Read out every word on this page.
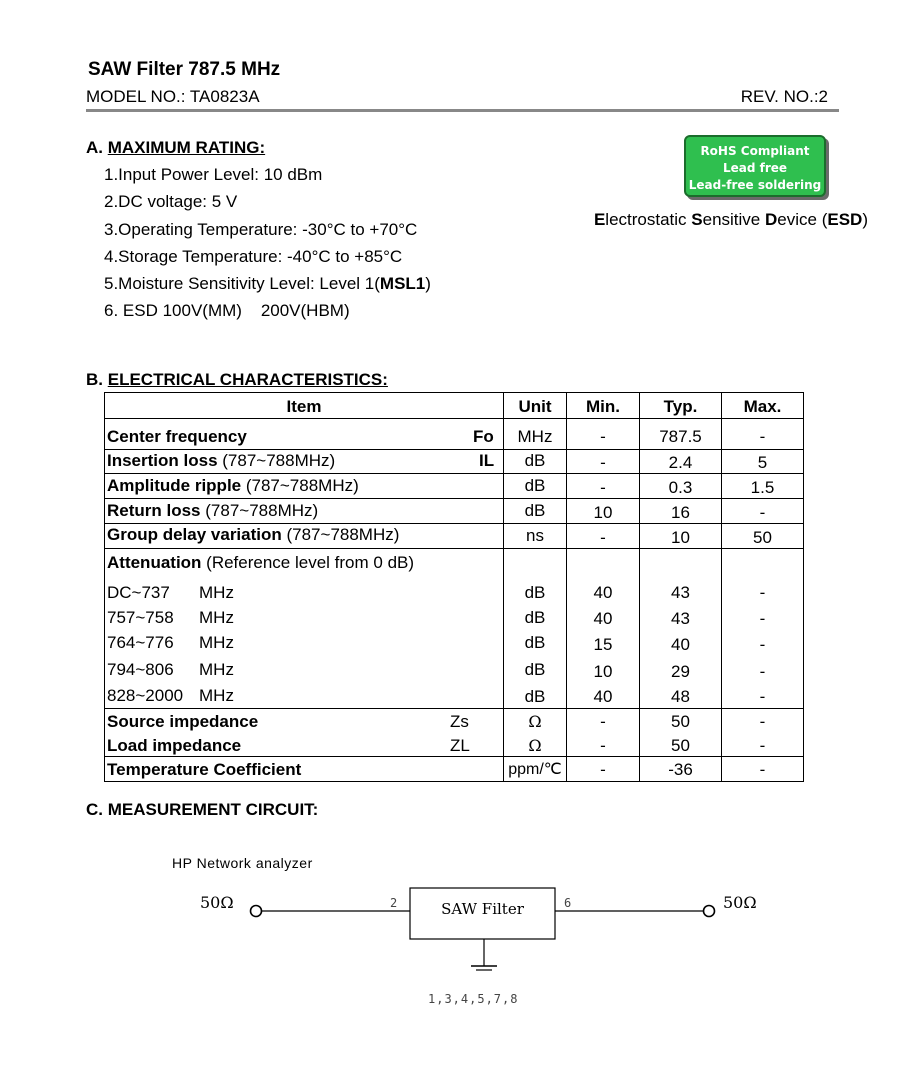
SAW Filter 787.5 MHz
MODEL NO.: TA0823A	REV. NO.:2
A. MAXIMUM RATING:
1.Input Power Level: 10 dBm
2.DC voltage: 5 V
3.Operating Temperature: -30°C to +70°C
4.Storage Temperature: -40°C to +85°C
5.Moisture Sensitivity Level: Level 1(MSL1)
6. ESD 100V(MM)    200V(HBM)
RoHS Compliant
Lead free
Lead-free soldering
Electrostatic Sensitive Device (ESD)
B. ELECTRICAL CHARACTERISTICS:
Item	Unit	Min.	Typ.	Max.
Center frequency	Fo	MHz	-	787.5	-
Insertion loss (787~788MHz)	IL	dB	-	2.4	5
Amplitude ripple (787~788MHz)	dB	-	0.3	1.5
Return loss (787~788MHz)	dB	10	16	-
Group delay variation (787~788MHz)	ns	-	10	50
Attenuation (Reference level from 0 dB)
DC~737 MHz	dB	40	43	-
757~758 MHz	dB	40	43	-
764~776 MHz	dB	15	40	-
794~806 MHz	dB	10	29	-
828~2000 MHz	dB	40	48	-
Source impedance	Zs	Ω	-	50	-
Load impedance	ZL	Ω	-	50	-
Temperature Coefficient	ppm/℃	-	-36	-
C. MEASUREMENT CIRCUIT:
HP Network analyzer
50Ω	50Ω
2	6
SAW Filter
1,3,4,5,7,8
